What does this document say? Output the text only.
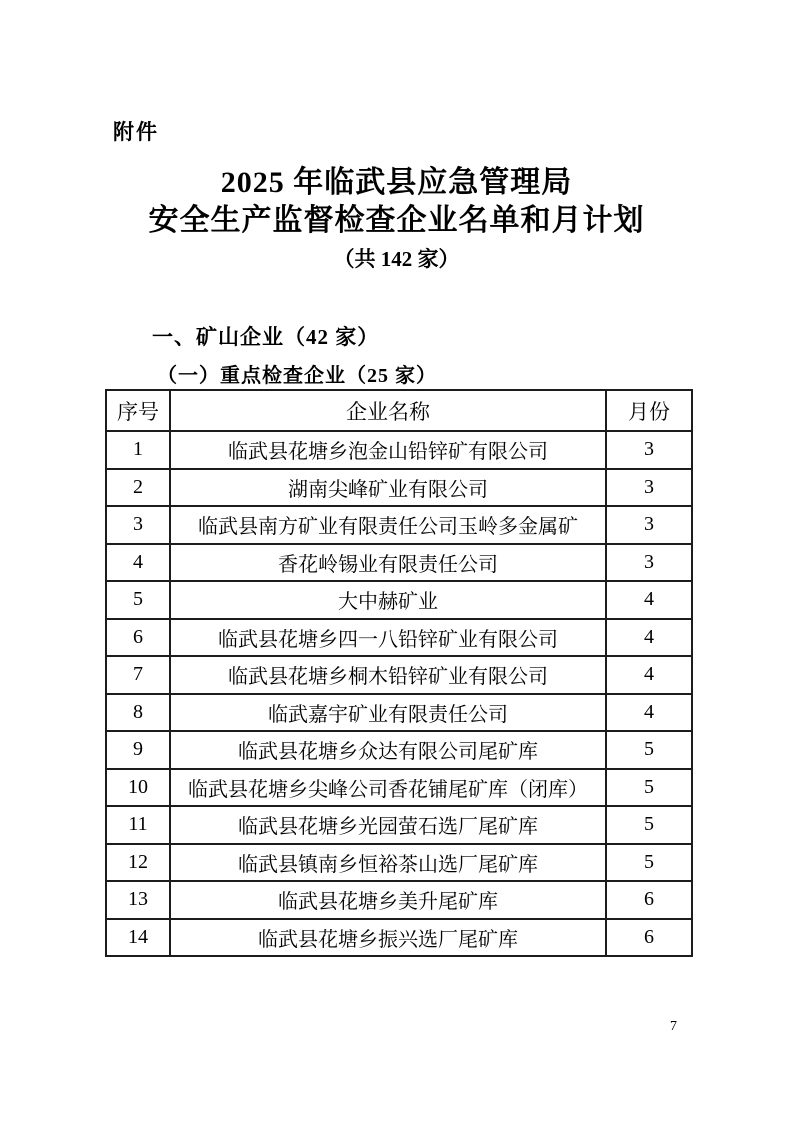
附件
2025 年临武县应急管理局
安全生产监督检查企业名单和月计划
（共 142 家）
一、矿山企业（42 家）
（一）重点检查企业（25 家）
序号	企业名称	月份
1	临武县花塘乡泡金山铅锌矿有限公司	3
2	湖南尖峰矿业有限公司	3
3	临武县南方矿业有限责任公司玉岭多金属矿	3
4	香花岭锡业有限责任公司	3
5	大中赫矿业	4
6	临武县花塘乡四一八铅锌矿业有限公司	4
7	临武县花塘乡桐木铅锌矿业有限公司	4
8	临武嘉宇矿业有限责任公司	4
9	临武县花塘乡众达有限公司尾矿库	5
10	临武县花塘乡尖峰公司香花铺尾矿库（闭库）	5
11	临武县花塘乡光园萤石选厂尾矿库	5
12	临武县镇南乡恒裕茶山选厂尾矿库	5
13	临武县花塘乡美升尾矿库	6
14	临武县花塘乡振兴选厂尾矿库	6
7
